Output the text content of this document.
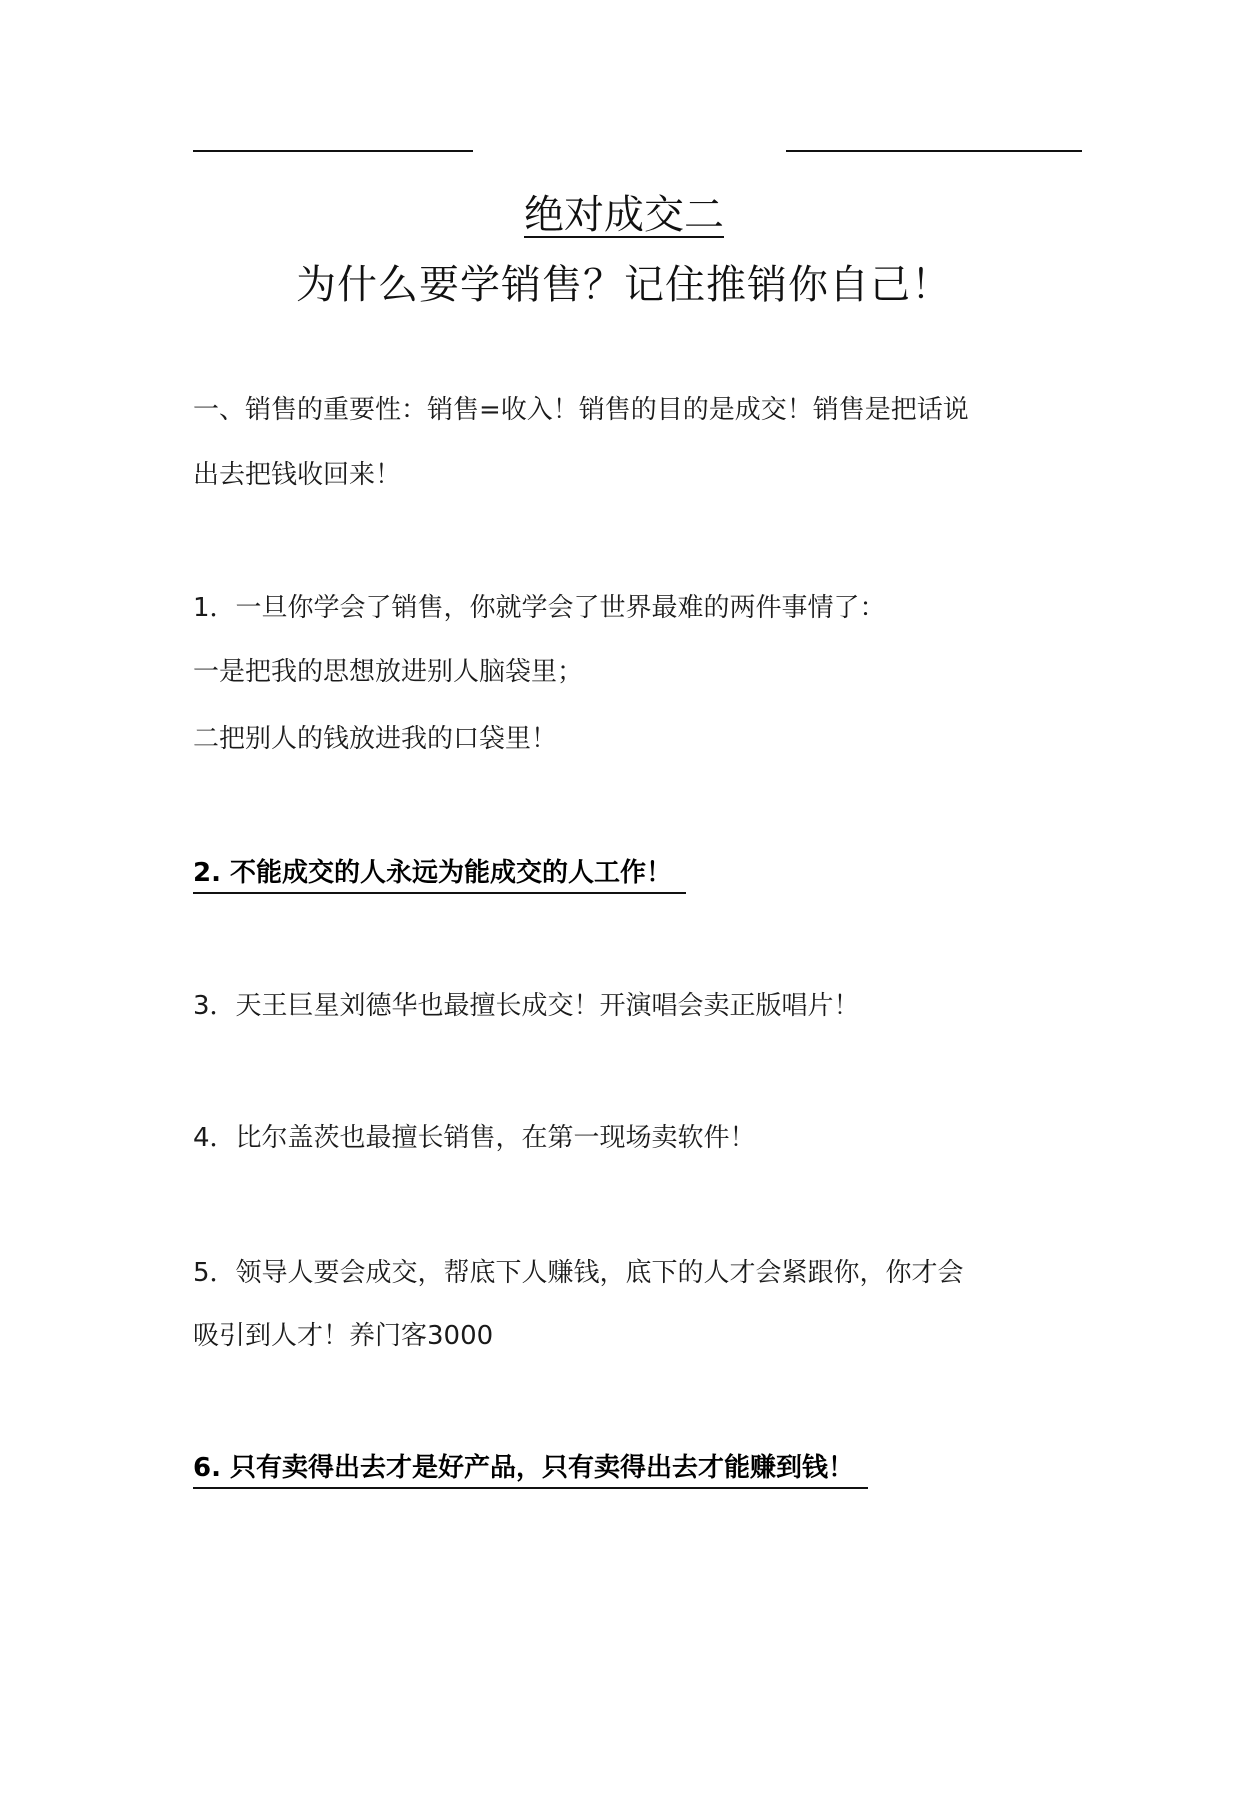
绝对成交二
为什么要学销售？记住推销你自己！
一、销售的重要性：销售=收入！销售的目的是成交！销售是把话说
出去把钱收回来！
1．一旦你学会了销售，你就学会了世界最难的两件事情了：
一是把我的思想放进别人脑袋里；
二把别人的钱放进我的口袋里！
2. 不能成交的人永远为能成交的人工作！
3．天王巨星刘德华也最擅长成交！开演唱会卖正版唱片！
4．比尔盖茨也最擅长销售，在第一现场卖软件！
5．领导人要会成交，帮底下人赚钱，底下的人才会紧跟你，你才会
吸引到人才！养门客3000
6. 只有卖得出去才是好产品，只有卖得出去才能赚到钱！
